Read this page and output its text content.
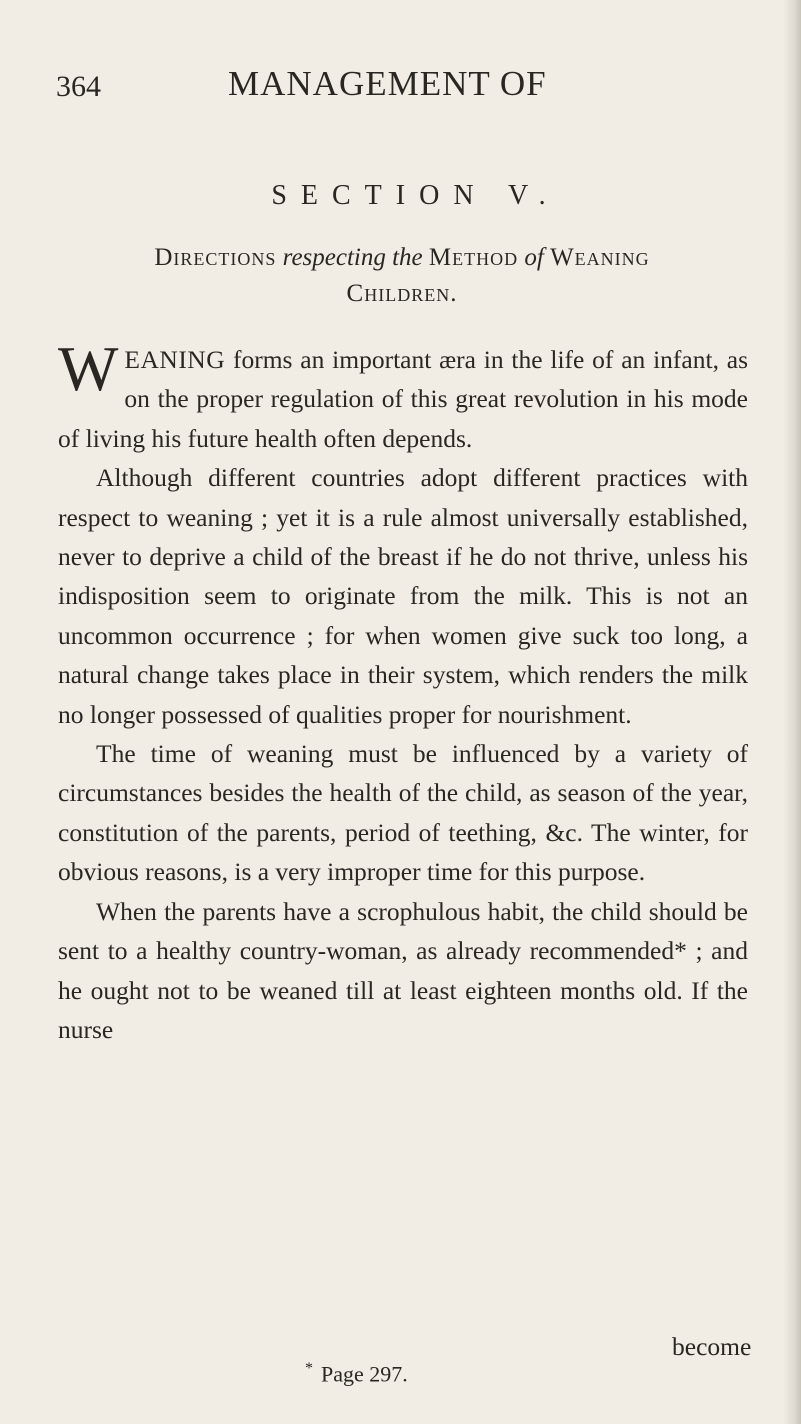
364	MANAGEMENT OF
SECTION V.
Directions respecting the Method of Weaning
Children.

WEANING forms an important æra in the life of an infant, as on the proper regulation of this great revolution in his mode of living his future health often depends.

Although different countries adopt different practices with respect to weaning ; yet it is a rule almost universally established, never to deprive a child of the breast if he do not thrive, unless his indisposition seem to originate from the milk. This is not an uncommon occurrence ; for when women give suck too long, a natural change takes place in their system, which renders the milk no longer possessed of qualities proper for nourishment.

The time of weaning must be influenced by a variety of circumstances besides the health of the child, as season of the year, constitution of the parents, period of teething, &c. The winter, for obvious reasons, is a very improper time for this purpose.

When the parents have a scrophulous habit, the child should be sent to a healthy country-woman, as already recommended* ; and he ought not to be weaned till at least eighteen months old. If the nurse

become
* Page 297.
